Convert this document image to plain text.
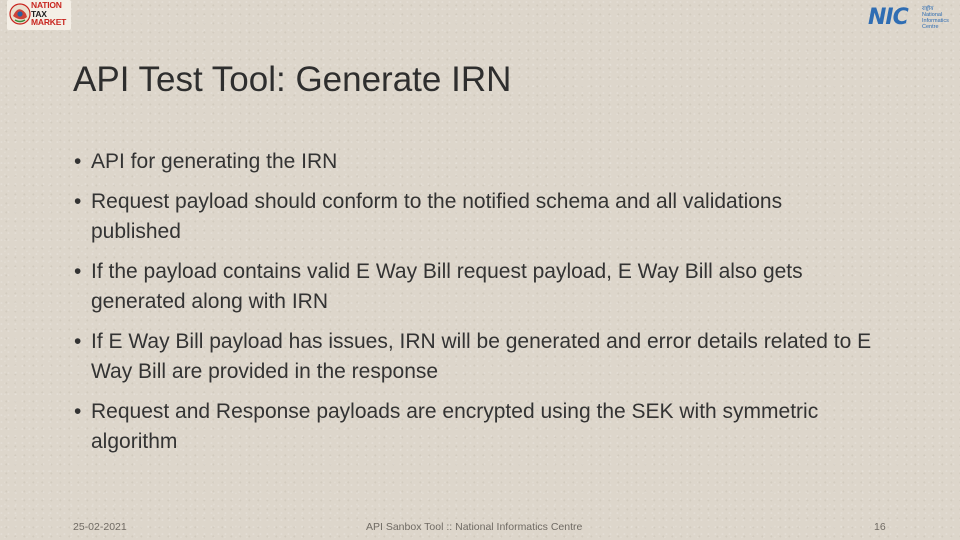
NATION
TAX
MARKET	NIC	राष्ट्रीय
National
Informatics
Centre
API Test Tool: Generate IRN
• API for generating the IRN
• Request payload should conform to the notified schema and all validations published
• If the payload contains valid E Way Bill request payload, E Way Bill also gets generated along with IRN
• If E Way Bill payload has issues, IRN will be generated and error details related to E Way Bill are provided in the response
• Request and Response payloads are encrypted using the SEK with symmetric algorithm
25-02-2021	API Sanbox Tool :: National Informatics Centre	16
